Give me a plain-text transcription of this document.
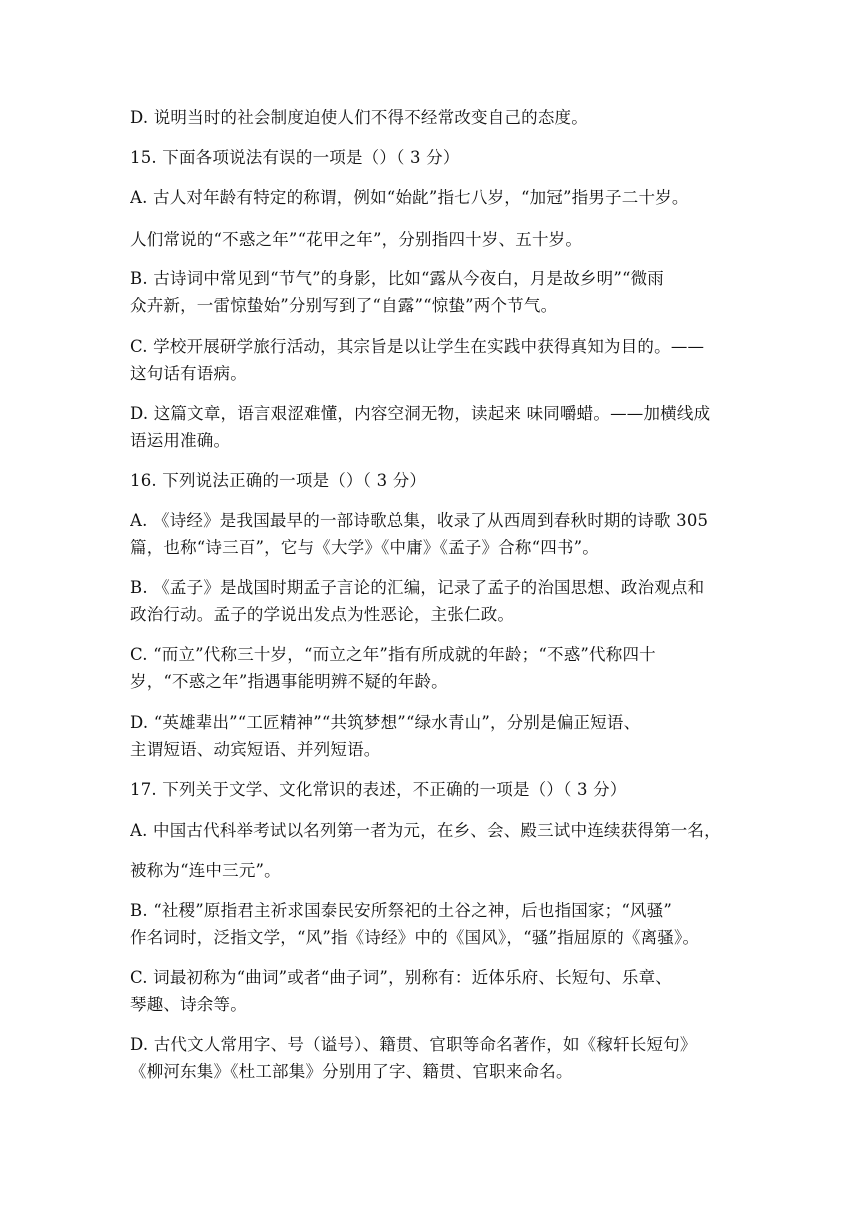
D. 说明当时的社会制度迫使人们不得不经常改变自己的态度。
15. 下面各项说法有误的一项是（）（ 3 分）
A. 古人对年龄有特定的称谓，例如“始龀”指七八岁，“加冠”指男子二十岁。
人们常说的“不惑之年”“花甲之年”，分别指四十岁、五十岁。
B. 古诗词中常见到“节气”的身影，比如“露从今夜白，月是故乡明”“微雨
众卉新，一雷惊蛰始”分别写到了“自露”“惊蛰”两个节气。
C. 学校开展研学旅行活动，其宗旨是以让学生在实践中获得真知为目的。——
这句话有语病。
D. 这篇文章，语言艰涩难懂，内容空洞无物，读起来 味同嚼蜡。——加横线成
语运用准确。
16. 下列说法正确的一项是（）（ 3 分）
A. 《诗经》是我国最早的一部诗歌总集，收录了从西周到春秋时期的诗歌 305
篇，也称“诗三百”，它与《大学》《中庸》《孟子》合称“四书”。
B. 《孟子》是战国时期孟子言论的汇编，记录了孟子的治国思想、政治观点和
政治行动。孟子的学说出发点为性恶论，主张仁政。
C. “而立”代称三十岁，“而立之年”指有所成就的年龄；“不惑”代称四十
岁，“不惑之年”指遇事能明辨不疑的年龄。
D. “英雄辈出”“工匠精神”“共筑梦想”“绿水青山”，分别是偏正短语、
主谓短语、动宾短语、并列短语。
17. 下列关于文学、文化常识的表述，不正确的一项是（）（ 3 分）
A. 中国古代科举考试以名列第一者为元，在乡、会、殿三试中连续获得第一名，
被称为“连中三元”。
B. “社稷”原指君主祈求国泰民安所祭祀的土谷之神，后也指国家；“风骚”
作名词时，泛指文学，“风”指《诗经》中的《国风》，“骚”指屈原的《离骚》。
C. 词最初称为“曲词”或者“曲子词”，别称有：近体乐府、长短句、乐章、
琴趣、诗余等。
D. 古代文人常用字、号（谥号）、籍贯、官职等命名著作，如《稼轩长短句》
《柳河东集》《杜工部集》分别用了字、籍贯、官职来命名。
